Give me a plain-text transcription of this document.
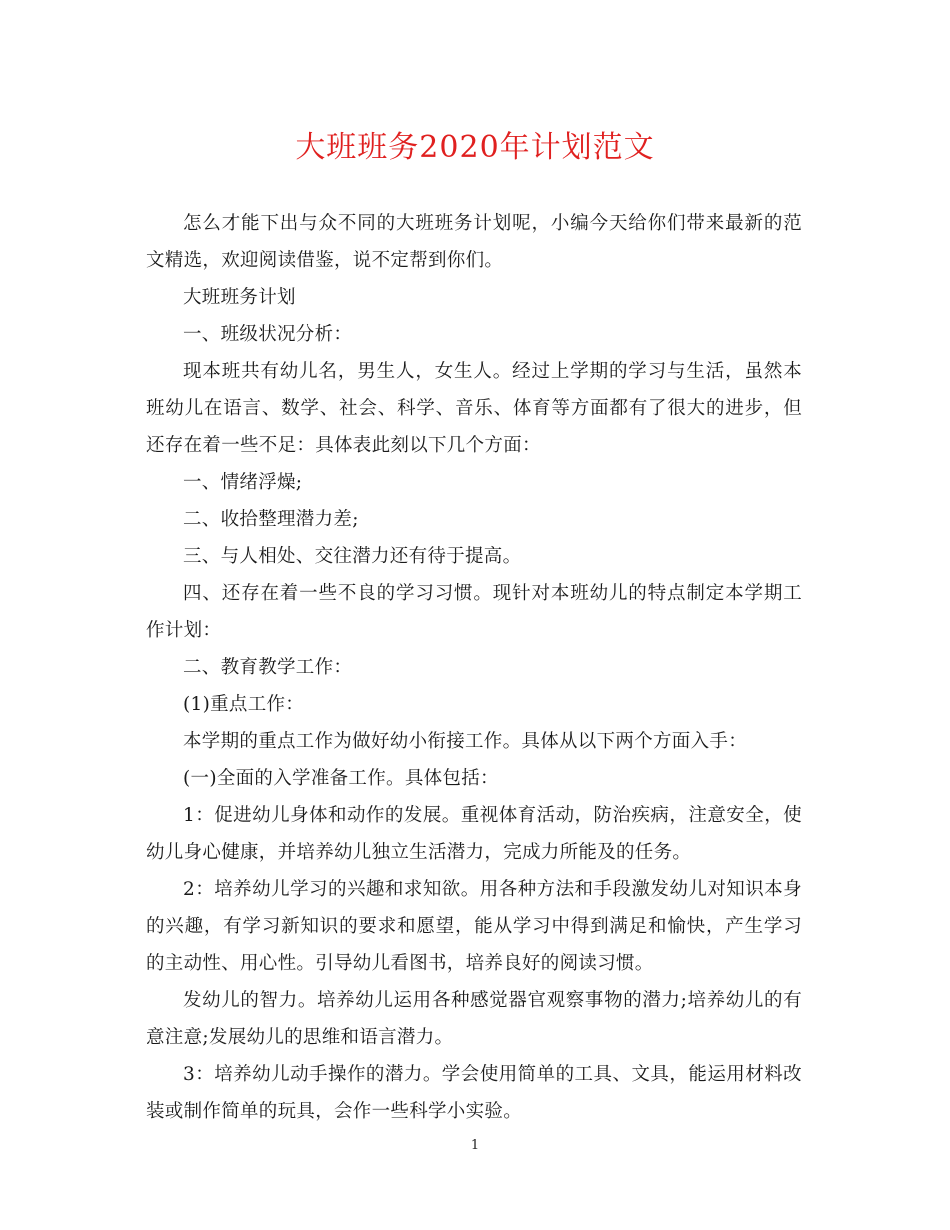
大班班务2020年计划范文

怎么才能下出与众不同的大班班务计划呢，小编今天给你们带来最新的范文精选，欢迎阅读借鉴，说不定帮到你们。

大班班务计划

一、班级状况分析：

现本班共有幼儿名，男生人，女生人。经过上学期的学习与生活，虽然本班幼儿在语言、数学、社会、科学、音乐、体育等方面都有了很大的进步，但还存在着一些不足：具体表此刻以下几个方面：

一、情绪浮燥;

二、收拾整理潜力差;

三、与人相处、交往潜力还有待于提高。

四、还存在着一些不良的学习习惯。现针对本班幼儿的特点制定本学期工作计划：

二、教育教学工作：

(1)重点工作：

本学期的重点工作为做好幼小衔接工作。具体从以下两个方面入手：

(一)全面的入学准备工作。具体包括：

1：促进幼儿身体和动作的发展。重视体育活动，防治疾病，注意安全，使幼儿身心健康，并培养幼儿独立生活潜力，完成力所能及的任务。

2：培养幼儿学习的兴趣和求知欲。用各种方法和手段激发幼儿对知识本身的兴趣，有学习新知识的要求和愿望，能从学习中得到满足和愉快，产生学习的主动性、用心性。引导幼儿看图书，培养良好的阅读习惯。

发幼儿的智力。培养幼儿运用各种感觉器官观察事物的潜力;培养幼儿的有意注意;发展幼儿的思维和语言潜力。

3：培养幼儿动手操作的潜力。学会使用简单的工具、文具，能运用材料改装或制作简单的玩具，会作一些科学小实验。

1
